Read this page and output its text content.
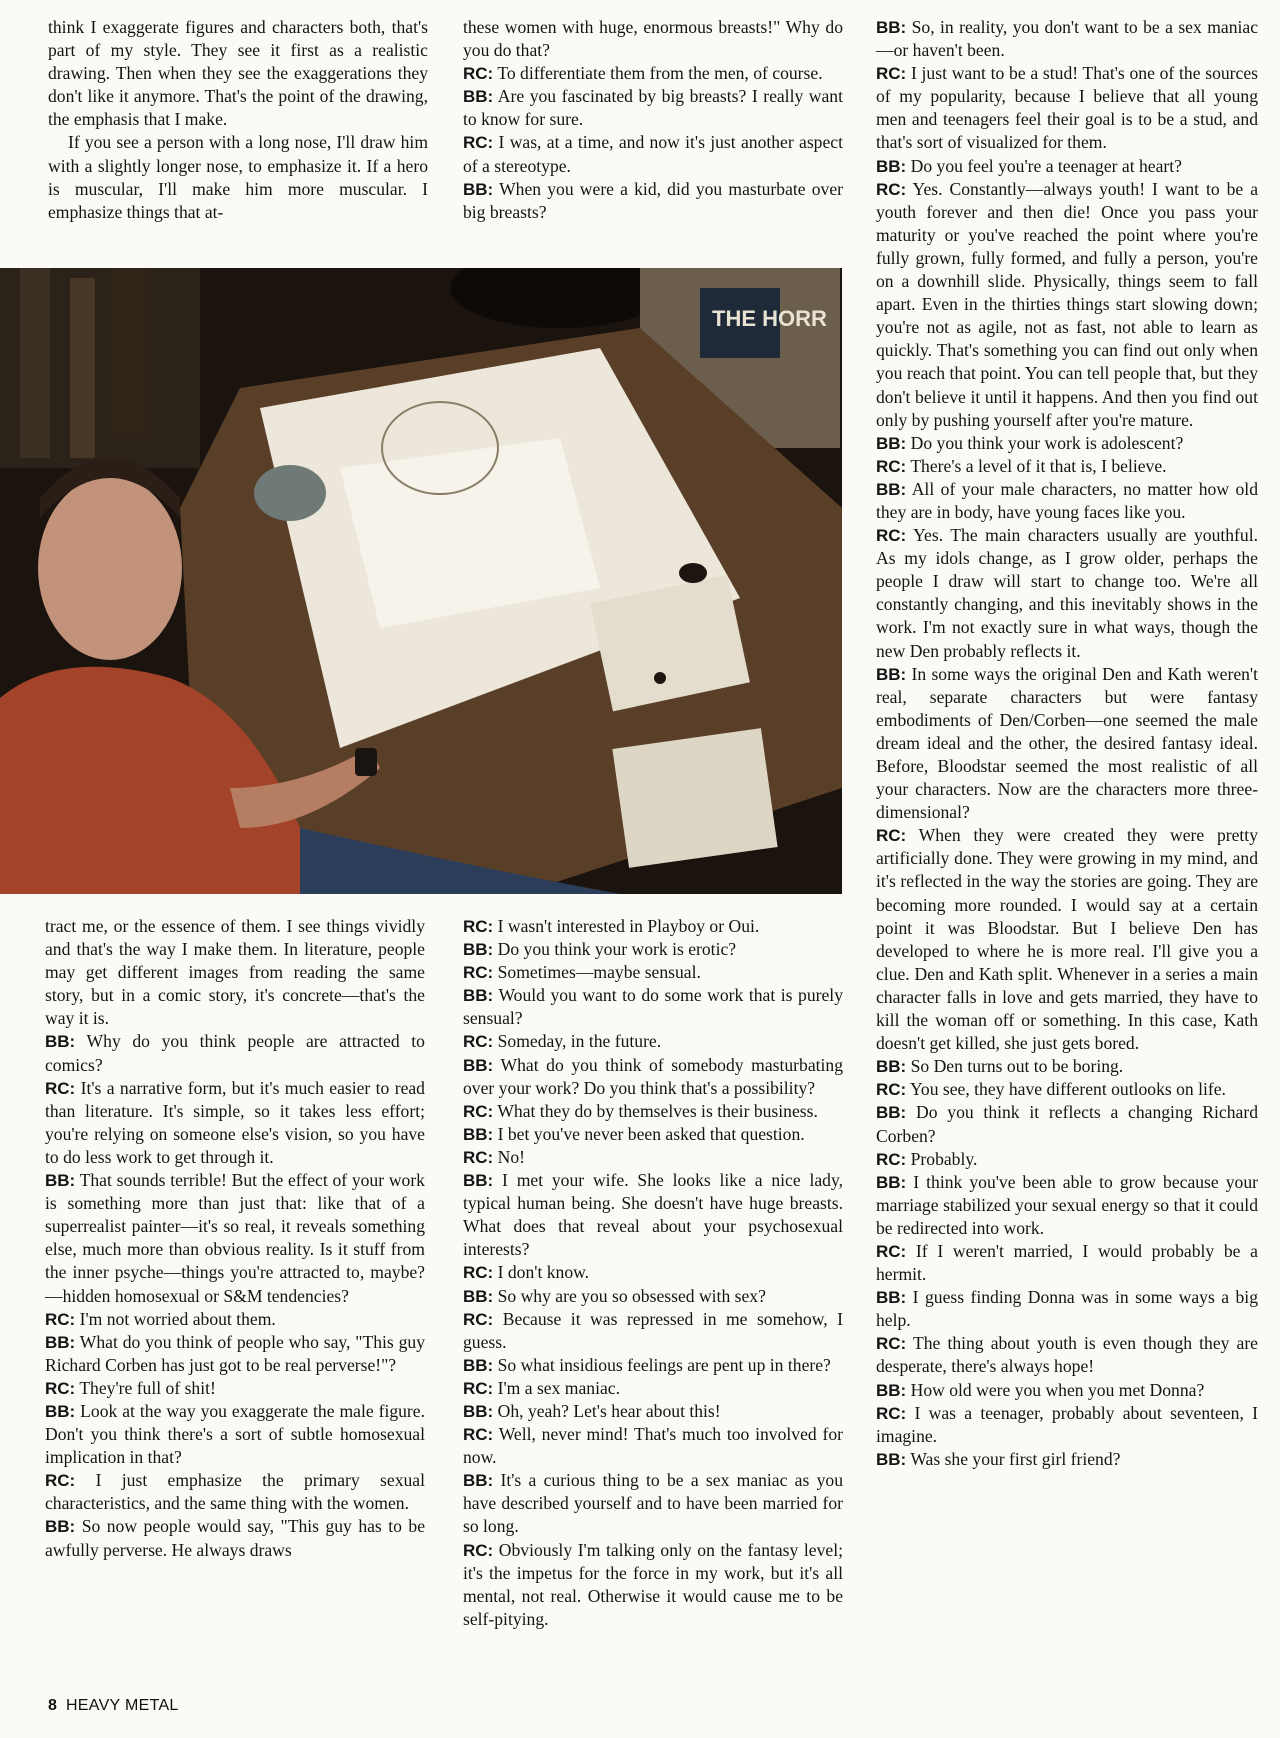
think I exaggerate figures and characters both, that's part of my style. They see it first as a realistic drawing. Then when they see the exaggerations they don't like it anymore. That's the point of the drawing, the emphasis that I make.

If you see a person with a long nose, I'll draw him with a slightly longer nose, to emphasize it. If a hero is muscular, I'll make him more muscular. I emphasize things that at-

these women with huge, enormous breasts!" Why do you do that?

RC: To differentiate them from the men, of course.

BB: Are you fascinated by big breasts? I really want to know for sure.

RC: I was, at a time, and now it's just another aspect of a stereotype.

BB: When you were a kid, did you masturbate over big breasts?

THE HORR

tract me, or the essence of them. I see things vividly and that's the way I make them. In literature, people may get different images from reading the same story, but in a comic story, it's concrete—that's the way it is.

BB: Why do you think people are attracted to comics?

RC: It's a narrative form, but it's much easier to read than literature. It's simple, so it takes less effort; you're relying on someone else's vision, so you have to do less work to get through it.

BB: That sounds terrible! But the effect of your work is something more than just that: like that of a superrealist painter—it's so real, it reveals something else, much more than obvious reality. Is it stuff from the inner psyche—things you're attracted to, maybe?—hidden homosexual or S&M tendencies?

RC: I'm not worried about them.

BB: What do you think of people who say, "This guy Richard Corben has just got to be real perverse!"?

RC: They're full of shit!

BB: Look at the way you exaggerate the male figure. Don't you think there's a sort of subtle homosexual implication in that?

RC: I just emphasize the primary sexual characteristics, and the same thing with the women.

BB: So now people would say, "This guy has to be awfully perverse. He always draws

RC: I wasn't interested in Playboy or Oui.

BB: Do you think your work is erotic?

RC: Sometimes—maybe sensual.

BB: Would you want to do some work that is purely sensual?

RC: Someday, in the future.

BB: What do you think of somebody masturbating over your work? Do you think that's a possibility?

RC: What they do by themselves is their business.

BB: I bet you've never been asked that question.

RC: No!

BB: I met your wife. She looks like a nice lady, typical human being. She doesn't have huge breasts. What does that reveal about your psychosexual interests?

RC: I don't know.

BB: So why are you so obsessed with sex?

RC: Because it was repressed in me somehow, I guess.

BB: So what insidious feelings are pent up in there?

RC: I'm a sex maniac.

BB: Oh, yeah? Let's hear about this!

RC: Well, never mind! That's much too involved for now.

BB: It's a curious thing to be a sex maniac as you have described yourself and to have been married for so long.

RC: Obviously I'm talking only on the fantasy level; it's the impetus for the force in my work, but it's all mental, not real. Otherwise it would cause me to be self-pitying.

BB: So, in reality, you don't want to be a sex maniac—or haven't been.

RC: I just want to be a stud! That's one of the sources of my popularity, because I believe that all young men and teenagers feel their goal is to be a stud, and that's sort of visualized for them.

BB: Do you feel you're a teenager at heart?

RC: Yes. Constantly—always youth! I want to be a youth forever and then die! Once you pass your maturity or you've reached the point where you're fully grown, fully formed, and fully a person, you're on a downhill slide. Physically, things seem to fall apart. Even in the thirties things start slowing down; you're not as agile, not as fast, not able to learn as quickly. That's something you can find out only when you reach that point. You can tell people that, but they don't believe it until it happens. And then you find out only by pushing yourself after you're mature.

BB: Do you think your work is adolescent?

RC: There's a level of it that is, I believe.

BB: All of your male characters, no matter how old they are in body, have young faces like you.

RC: Yes. The main characters usually are youthful. As my idols change, as I grow older, perhaps the people I draw will start to change too. We're all constantly changing, and this inevitably shows in the work. I'm not exactly sure in what ways, though the new Den probably reflects it.

BB: In some ways the original Den and Kath weren't real, separate characters but were fantasy embodiments of Den/Corben—one seemed the male dream ideal and the other, the desired fantasy ideal. Before, Bloodstar seemed the most realistic of all your characters. Now are the characters more three-dimensional?

RC: When they were created they were pretty artificially done. They were growing in my mind, and it's reflected in the way the stories are going. They are becoming more rounded. I would say at a certain point it was Bloodstar. But I believe Den has developed to where he is more real. I'll give you a clue. Den and Kath split. Whenever in a series a main character falls in love and gets married, they have to kill the woman off or something. In this case, Kath doesn't get killed, she just gets bored.

BB: So Den turns out to be boring.

RC: You see, they have different outlooks on life.

BB: Do you think it reflects a changing Richard Corben?

RC: Probably.

BB: I think you've been able to grow because your marriage stabilized your sexual energy so that it could be redirected into work.

RC: If I weren't married, I would probably be a hermit.

BB: I guess finding Donna was in some ways a big help.

RC: The thing about youth is even though they are desperate, there's always hope!

BB: How old were you when you met Donna?

RC: I was a teenager, probably about seventeen, I imagine.

BB: Was she your first girl friend?

8 HEAVY METAL
